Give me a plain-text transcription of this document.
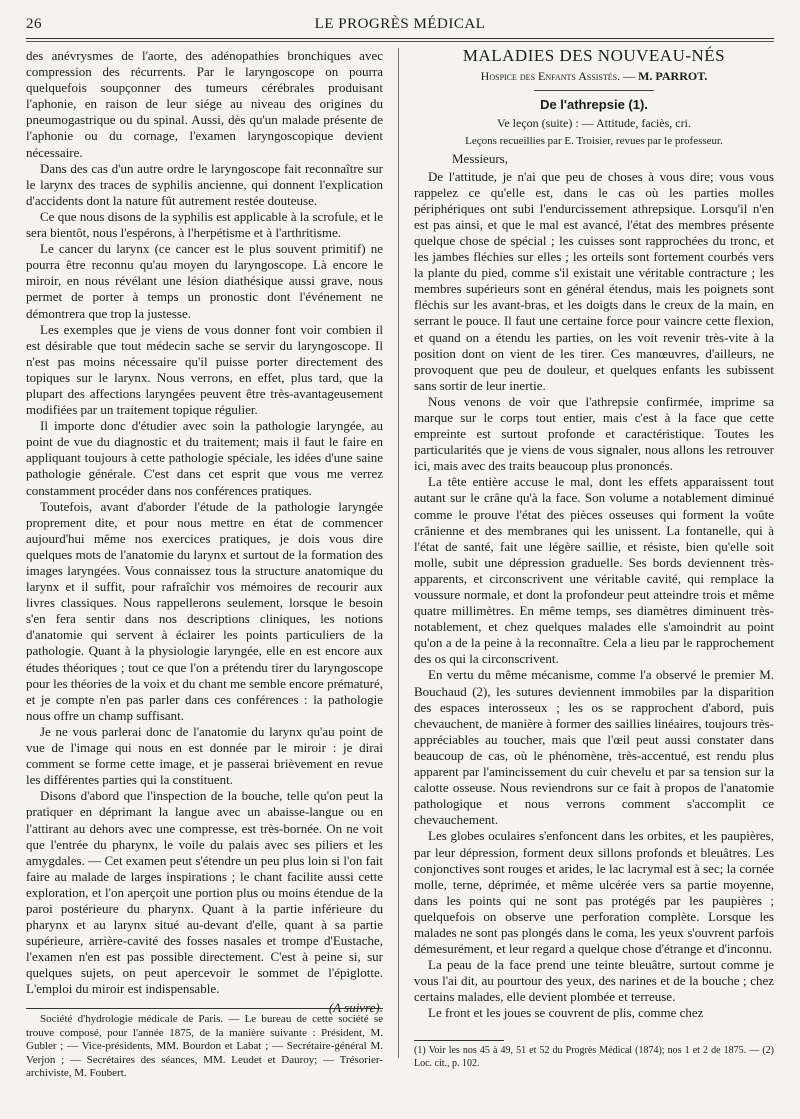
26	LE PROGRÈS MÉDICAL

des anévrysmes de l'aorte, des adénopathies bronchiques avec compression des récurrents. Par le laryngoscope on pourra quelquefois soupçonner des tumeurs cérébrales produisant l'aphonie, en raison de leur siége au niveau des origines du pneumogastrique ou du spinal. Aussi, dès qu'un malade présente de l'aphonie ou du cornage, l'examen laryngoscopique devient nécessaire.

Dans des cas d'un autre ordre le laryngoscope fait reconnaître sur le larynx des traces de syphilis ancienne, qui donnent l'explication d'accidents dont la nature fût autrement restée douteuse.

Ce que nous disons de la syphilis est applicable à la scrofule, et le sera bientôt, nous l'espérons, à l'herpétisme et à l'arthritisme.

Le cancer du larynx (ce cancer est le plus souvent primitif) ne pourra être reconnu qu'au moyen du laryngoscope. Là encore le miroir, en nous révélant une lésion diathésique aussi grave, nous permet de porter à temps un pronostic dont l'événement ne démontrera que trop la justesse.

Les exemples que je viens de vous donner font voir combien il est désirable que tout médecin sache se servir du laryngoscope. Il n'est pas moins nécessaire qu'il puisse porter directement des topiques sur le larynx. Nous verrons, en effet, plus tard, que la plupart des affections laryngées peuvent être très-avantageusement modifiées par un traitement topique régulier.

Il importe donc d'étudier avec soin la pathologie laryngée, au point de vue du diagnostic et du traitement; mais il faut le faire en appliquant toujours à cette pathologie spéciale, les idées d'une saine pathologie générale. C'est dans cet esprit que vous me verrez constamment procéder dans nos conférences pratiques.

Toutefois, avant d'aborder l'étude de la pathologie laryngée proprement dite, et pour nous mettre en état de commencer aujourd'hui même nos exercices pratiques, je dois vous dire quelques mots de l'anatomie du larynx et surtout de la formation des images laryngées. Vous connaissez tous la structure anatomique du larynx et il suffit, pour rafraîchir vos mémoires de recourir aux livres classiques. Nous rappellerons seulement, lorsque le besoin s'en fera sentir dans nos descriptions cliniques, les notions d'anatomie qui servent à éclairer les points particuliers de la pathologie. Quant à la physiologie laryngée, elle en est encore aux études théoriques ; tout ce que l'on a prétendu tirer du laryngoscope pour les théories de la voix et du chant me semble encore prématuré, et je compte n'en pas parler dans ces conférences : la pathologie nous offre un champ suffisant.

Je ne vous parlerai donc de l'anatomie du larynx qu'au point de vue de l'image qui nous en est donnée par le miroir : je dirai comment se forme cette image, et je passerai brièvement en revue les différentes parties qui la constituent.

Disons d'abord que l'inspection de la bouche, telle qu'on peut la pratiquer en déprimant la langue avec un abaisse-langue ou en l'attirant au dehors avec une compresse, est très-bornée. On ne voit que l'entrée du pharynx, le voile du palais avec ses piliers et les amygdales. — Cet examen peut s'étendre un peu plus loin si l'on fait faire au malade de larges inspirations ; le chant facilite aussi cette exploration, et l'on aperçoit une portion plus ou moins étendue de la paroi postérieure du pharynx. Quant à la partie inférieure du pharynx et au larynx situé au-devant d'elle, quant à sa partie supérieure, arrière-cavité des fosses nasales et trompe d'Eustache, l'examen n'en est pas possible directement. C'est à peine si, sur quelques sujets, on peut apercevoir le sommet de l'épiglotte. L'emploi du miroir est indispensable.

(A suivre).

Société d'hydrologie médicale de Paris. — Le bureau de cette société se trouve composé, pour l'année 1875, de la manière suivante : Président, M. Gubler ; — Vice-présidents, MM. Bourdon et Labat ; — Secrétaire-général M. Verjon ; — Secrétaires des séances, MM. Leudet et Dauroy; — Trésorier-archiviste, M. Foubert.

MALADIES DES NOUVEAU-NÉS
Hospice des Enfants Assistés. — M. PARROT.
De l'athrepsie (1).
Ve leçon (suite) : — Attitude, faciès, cri.
Leçons recueillies par E. Troisier, revues par le professeur.

Messieurs,

De l'attitude, je n'ai que peu de choses à vous dire; vous vous rappelez ce qu'elle est, dans le cas où les parties molles périphériques ont subi l'endurcissement athrepsique. Lorsqu'il n'en est pas ainsi, et que le mal est avancé, l'état des membres présente quelque chose de spécial ; les cuisses sont rapprochées du tronc, et les jambes fléchies sur elles ; les orteils sont fortement courbés vers la plante du pied, comme s'il existait une véritable contracture ; les membres supérieurs sont en général étendus, mais les poignets sont fléchis sur les avant-bras, et les doigts dans le creux de la main, en serrant le pouce. Il faut une certaine force pour vaincre cette flexion, et quand on a étendu les parties, on les voit revenir très-vite à la position dont on vient de les tirer. Ces manœuvres, d'ailleurs, ne provoquent que peu de douleur, et quelques enfants les subissent sans sortir de leur inertie.

Nous venons de voir que l'athrepsie confirmée, imprime sa marque sur le corps tout entier, mais c'est à la face que cette empreinte est surtout profonde et caractéristique. Toutes les particularités que je viens de vous signaler, nous allons les retrouver ici, mais avec des traits beaucoup plus prononcés.

La tête entière accuse le mal, dont les effets apparaissent tout autant sur le crâne qu'à la face. Son volume a notablement diminué comme le prouve l'état des pièces osseuses qui forment la voûte crânienne et des membranes qui les unissent. La fontanelle, qui à l'état de santé, fait une légère saillie, et résiste, bien qu'elle soit molle, subit une dépression graduelle. Ses bords deviennent très-apparents, et circonscrivent une véritable cavité, qui remplace la voussure normale, et dont la profondeur peut atteindre trois et même quatre millimètres. En même temps, ses diamètres diminuent très-notablement, et chez quelques malades elle s'amoindrit au point qu'on a de la peine à la reconnaître. Cela a lieu par le rapprochement des os qui la circonscrivent.

En vertu du même mécanisme, comme l'a observé le premier M. Bouchaud (2), les sutures deviennent immobiles par la disparition des espaces interosseux ; les os se rapprochent d'abord, puis chevauchent, de manière à former des saillies linéaires, toujours très-appréciables au toucher, mais que l'œil peut aussi constater dans beaucoup de cas, où le phénomène, très-accentué, est rendu plus apparent par l'amincissement du cuir chevelu et par sa tension sur la calotte osseuse. Nous reviendrons sur ce fait à propos de l'anatomie pathologique et nous verrons comment s'accomplit ce chevauchement.

Les globes oculaires s'enfoncent dans les orbites, et les paupières, par leur dépression, forment deux sillons profonds et bleuâtres. Les conjonctives sont rouges et arides, le lac lacrymal est à sec; la cornée molle, terne, déprimée, et même ulcérée vers sa partie moyenne, dans les points qui ne sont pas protégés par les paupières ; quelquefois on observe une perforation complète. Lorsque les malades ne sont pas plongés dans le coma, les yeux s'ouvrent parfois démesurément, et leur regard a quelque chose d'étrange et d'inconnu.

La peau de la face prend une teinte bleuâtre, surtout comme je vous l'ai dit, au pourtour des yeux, des narines et de la bouche ; chez certains malades, elle devient plombée et terreuse.

Le front et les joues se couvrent de plis, comme chez

(1) Voir les nos 45 à 49, 51 et 52 du Progrès Médical (1874); nos 1 et 2 de 1875. — (2) Loc. cit., p. 102.
